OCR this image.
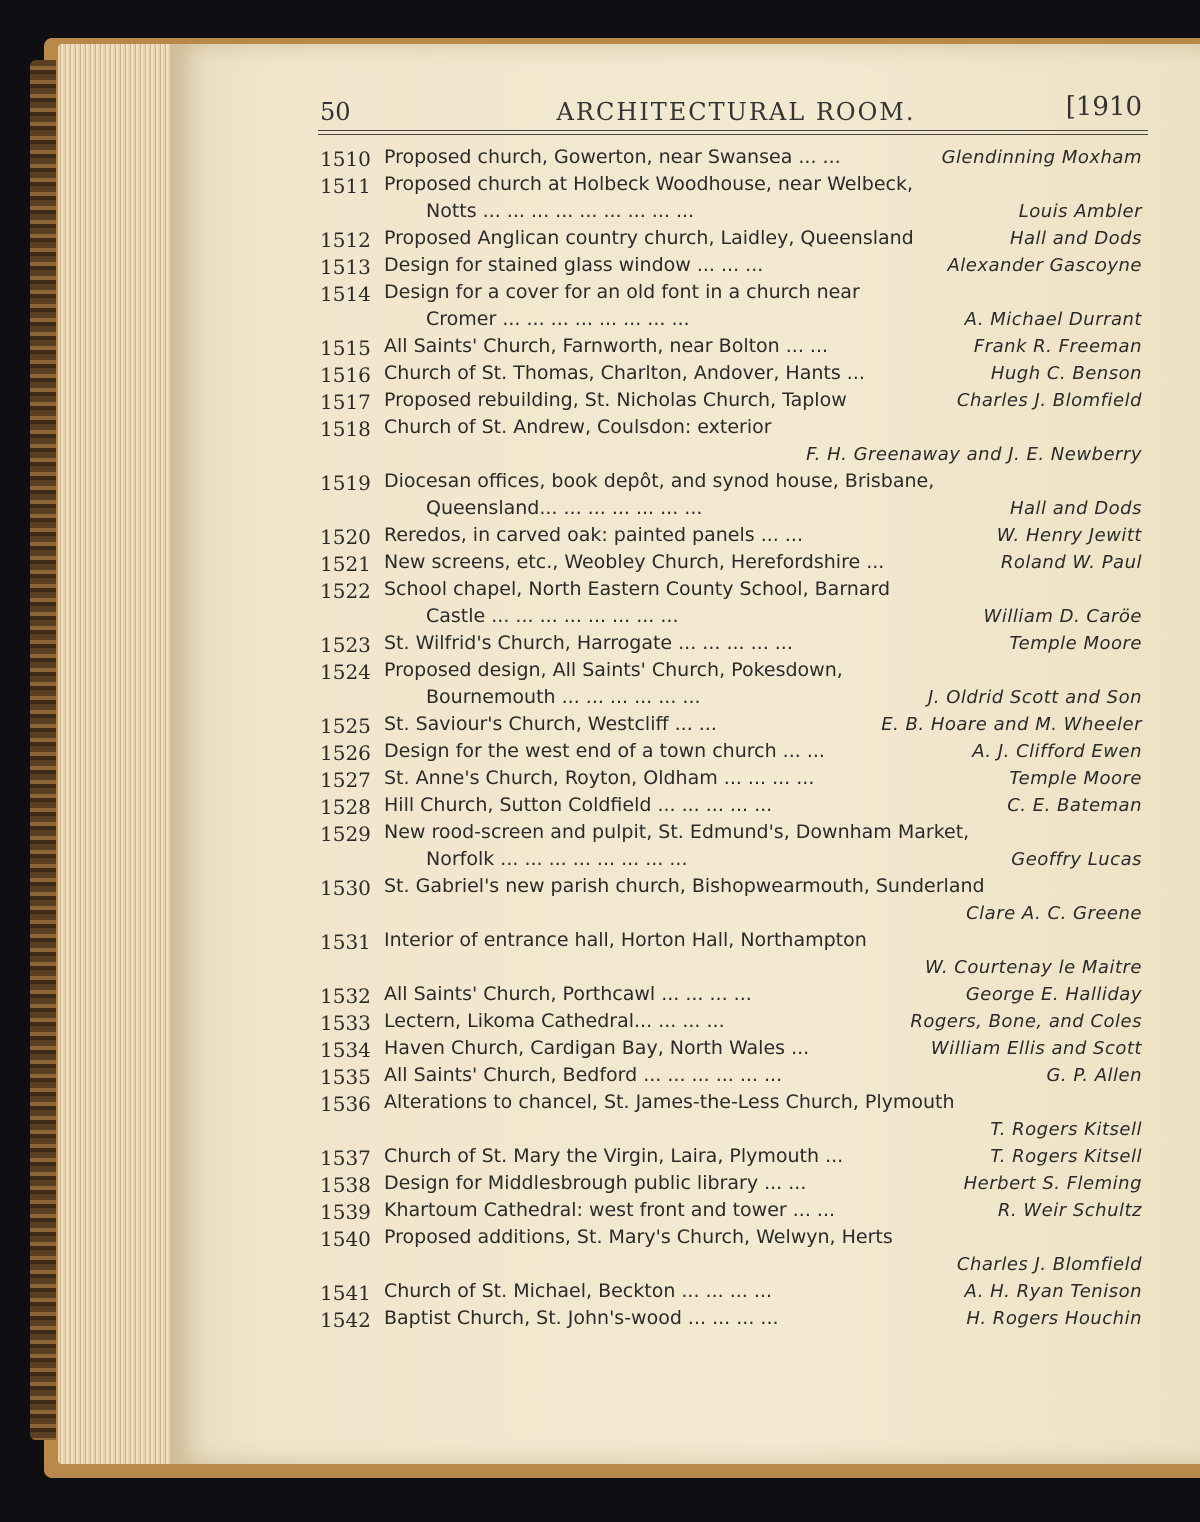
50	ARCHITECTURAL ROOM.	[1910
1510 Proposed church, Gowerton, near Swansea ... ...	Glendinning Moxham
1511 Proposed church at Holbeck Woodhouse, near Welbeck,
Notts ... ... ... ... ... ... ... ... ...	Louis Ambler
1512 Proposed Anglican country church, Laidley, Queensland	Hall and Dods
1513 Design for stained glass window ... ... ...	Alexander Gascoyne
1514 Design for a cover for an old font in a church near
Cromer ... ... ... ... ... ... ... ...	A. Michael Durrant
1515 All Saints' Church, Farnworth, near Bolton ... ...	Frank R. Freeman
1516 Church of St. Thomas, Charlton, Andover, Hants ...	Hugh C. Benson
1517 Proposed rebuilding, St. Nicholas Church, Taplow	Charles J. Blomfield
1518 Church of St. Andrew, Coulsdon: exterior
F. H. Greenaway and J. E. Newberry
1519 Diocesan offices, book depôt, and synod house, Brisbane,
Queensland... ... ... ... ... ... ...	Hall and Dods
1520 Reredos, in carved oak: painted panels ... ...	W. Henry Jewitt
1521 New screens, etc., Weobley Church, Herefordshire ...	Roland W. Paul
1522 School chapel, North Eastern County School, Barnard
Castle ... ... ... ... ... ... ... ...	William D. Caröe
1523 St. Wilfrid's Church, Harrogate ... ... ... ... ...	Temple Moore
1524 Proposed design, All Saints' Church, Pokesdown,
Bournemouth ... ... ... ... ... ...	J. Oldrid Scott and Son
1525 St. Saviour's Church, Westcliff ... ...	E. B. Hoare and M. Wheeler
1526 Design for the west end of a town church ... ...	A. J. Clifford Ewen
1527 St. Anne's Church, Royton, Oldham ... ... ... ...	Temple Moore
1528 Hill Church, Sutton Coldfield ... ... ... ... ...	C. E. Bateman
1529 New rood-screen and pulpit, St. Edmund's, Downham Market,
Norfolk ... ... ... ... ... ... ... ...	Geoffry Lucas
1530 St. Gabriel's new parish church, Bishopwearmouth, Sunderland
Clare A. C. Greene
1531 Interior of entrance hall, Horton Hall, Northampton
W. Courtenay le Maitre
1532 All Saints' Church, Porthcawl ... ... ... ...	George E. Halliday
1533 Lectern, Likoma Cathedral... ... ... ...	Rogers, Bone, and Coles
1534 Haven Church, Cardigan Bay, North Wales ...	William Ellis and Scott
1535 All Saints' Church, Bedford ... ... ... ... ... ...	G. P. Allen
1536 Alterations to chancel, St. James-the-Less Church, Plymouth
T. Rogers Kitsell
1537 Church of St. Mary the Virgin, Laira, Plymouth ...	T. Rogers Kitsell
1538 Design for Middlesbrough public library ... ...	Herbert S. Fleming
1539 Khartoum Cathedral: west front and tower ... ...	R. Weir Schultz
1540 Proposed additions, St. Mary's Church, Welwyn, Herts
Charles J. Blomfield
1541 Church of St. Michael, Beckton ... ... ... ...	A. H. Ryan Tenison
1542 Baptist Church, St. John's-wood ... ... ... ...	H. Rogers Houchin
